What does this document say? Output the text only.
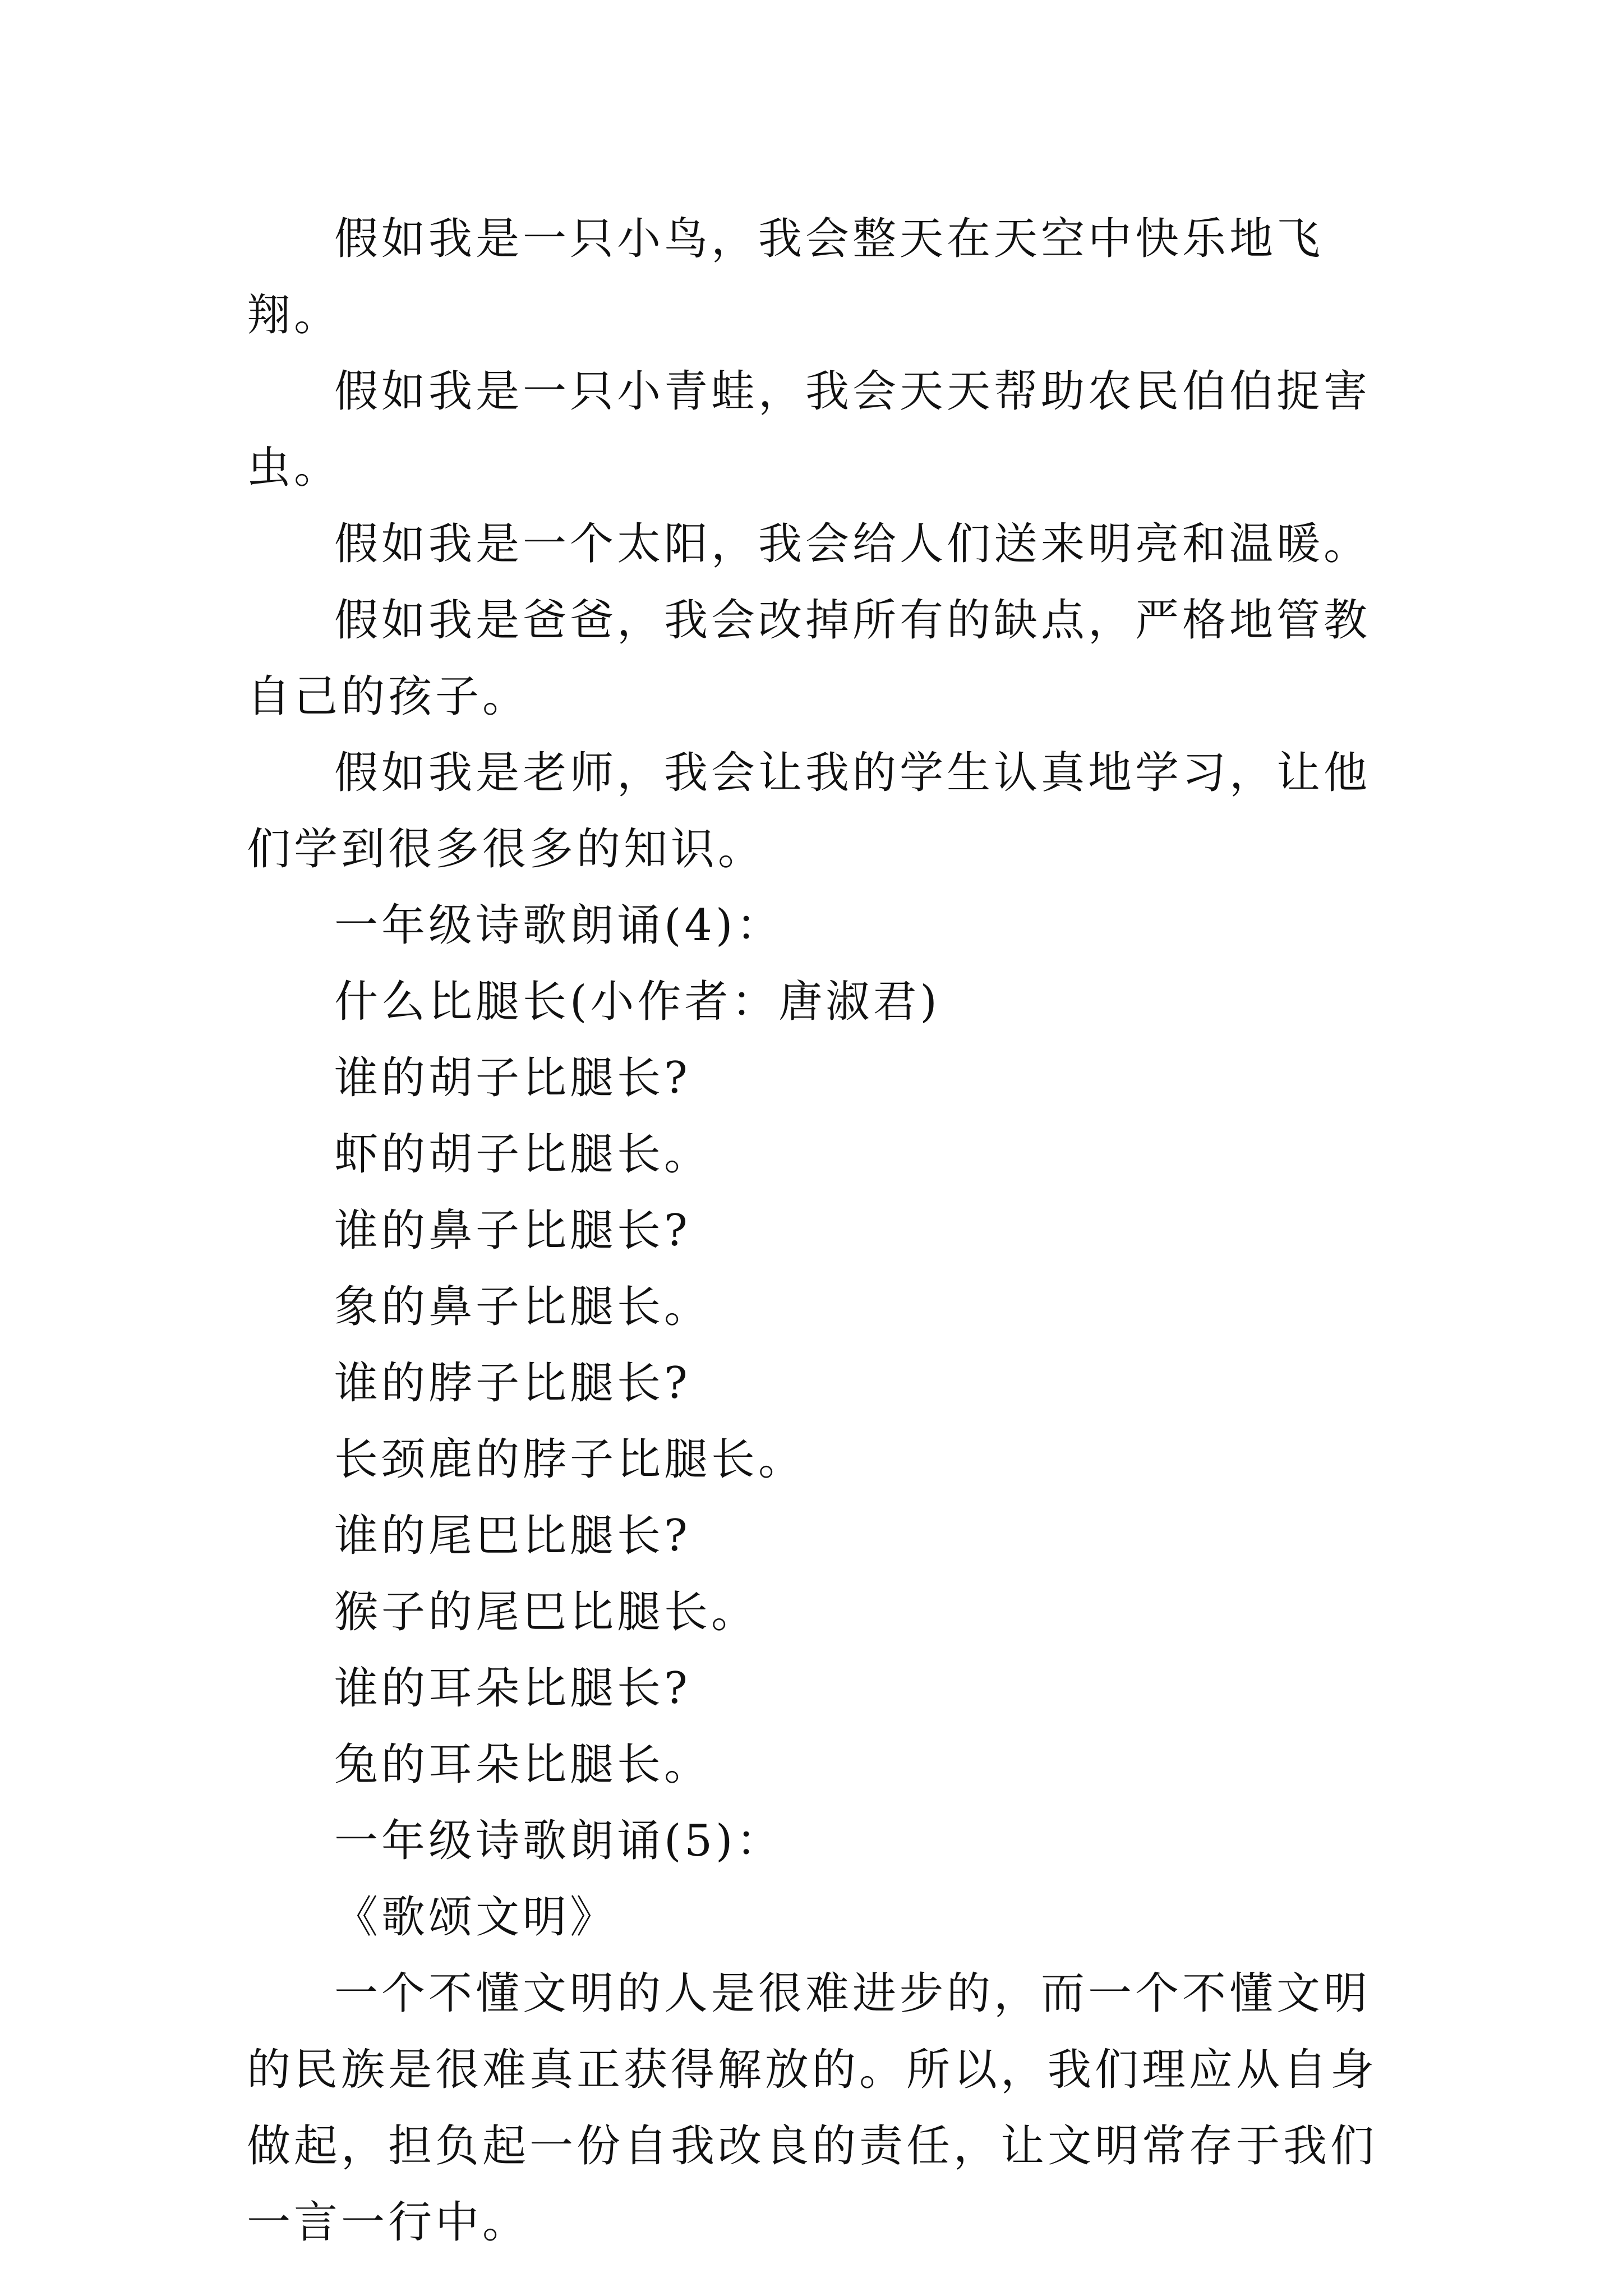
假如我是一只小鸟，我会整天在天空中快乐地飞翔。

假如我是一只小青蛙，我会天天帮助农民伯伯捉害虫。

假如我是一个太阳，我会给人们送来明亮和温暖。

假如我是爸爸，我会改掉所有的缺点，严格地管教自己的孩子。

假如我是老师，我会让我的学生认真地学习，让他们学到很多很多的知识。

一年级诗歌朗诵(4)：

什么比腿长(小作者：唐淑君)

谁的胡子比腿长?

虾的胡子比腿长。

谁的鼻子比腿长?

象的鼻子比腿长。

谁的脖子比腿长?

长颈鹿的脖子比腿长。

谁的尾巴比腿长?

猴子的尾巴比腿长。

谁的耳朵比腿长?

兔的耳朵比腿长。

一年级诗歌朗诵(5)：

《歌颂文明》

一个不懂文明的人是很难进步的，而一个不懂文明的民族是很难真正获得解放的。所以，我们理应从自身做起，担负起一份自我改良的责任，让文明常存于我们一言一行中。
